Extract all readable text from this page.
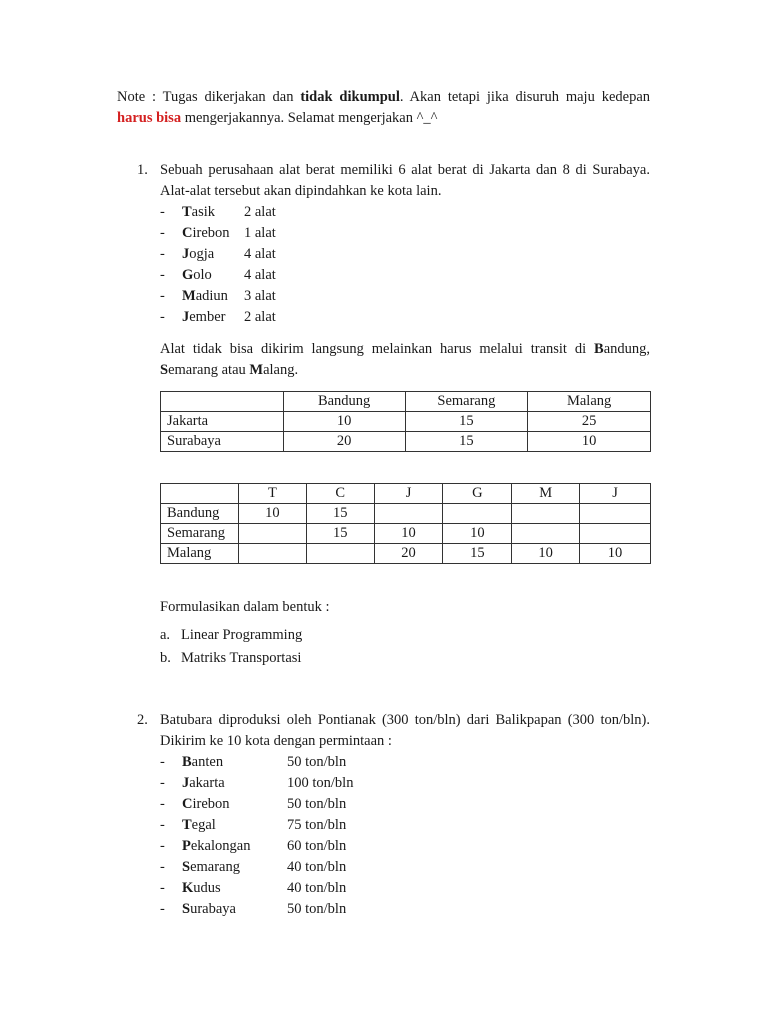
Note : Tugas dikerjakan dan tidak dikumpul. Akan tetapi jika disuruh maju kedepan harus bisa mengerjakannya. Selamat mengerjakan ^_^
1. Sebuah perusahaan alat berat memiliki 6 alat berat di Jakarta dan 8 di Surabaya. Alat-alat tersebut akan dipindahkan ke kota lain.
-	Tasik	2 alat
-	Cirebon 1 alat
-	Jogja	4 alat
-	Golo	4 alat
-	Madiun	3 alat
-	Jember	2 alat
Alat tidak bisa dikirim langsung melainkan harus melalui transit di Bandung, Semarang atau Malang.
	Bandung	Semarang	Malang
Jakarta	10	15	25
Surabaya	20	15	10
	T	C	J	G	M	J
Bandung	10	15				
Semarang		15	10	10		
Malang			20	15	10	10
Formulasikan dalam bentuk :
a. Linear Programming
b. Matriks Transportasi
2. Batubara diproduksi oleh Pontianak (300 ton/bln) dari Balikpapan (300 ton/bln). Dikirim ke 10 kota dengan permintaan :
-	Banten	50 ton/bln
-	Jakarta	100 ton/bln
-	Cirebon	50 ton/bln
-	Tegal	75 ton/bln
-	Pekalongan	60 ton/bln
-	Semarang	40 ton/bln
-	Kudus	40 ton/bln
-	Surabaya	50 ton/bln
